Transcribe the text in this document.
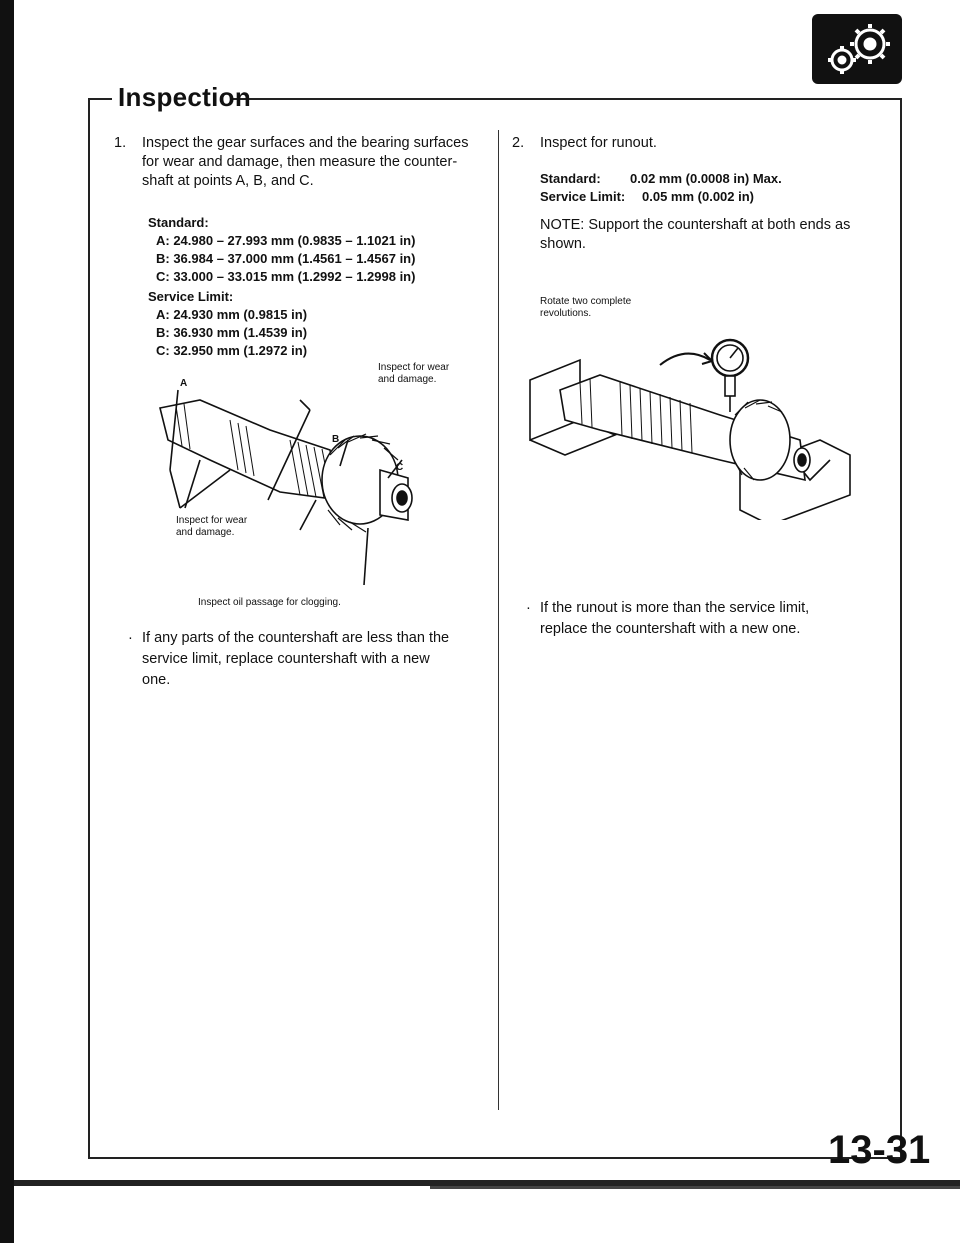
Inspection
1. Inspect the gear surfaces and the bearing surfaces
for wear and damage, then measure the counter-
shaft at points A, B, and C.
Standard:
A: 24.980 – 27.993 mm (0.9835 – 1.1021 in)
B: 36.984 – 37.000 mm (1.4561 – 1.4567 in)
C: 33.000 – 33.015 mm (1.2992 – 1.2998 in)
Service Limit:
A: 24.930 mm (0.9815 in)
B: 36.930 mm (1.4539 in)
C: 32.950 mm (1.2972 in)
Inspect for wear
and damage.
A
B
C
Inspect for wear
and damage.
Inspect oil passage for clogging.
· If any parts of the countershaft are less than the
service limit, replace countershaft with a new
one.
2. Inspect for runout.
Standard: 0.02 mm (0.0008 in) Max.
Service Limit: 0.05 mm (0.002 in)
NOTE: Support the countershaft at both ends as
shown.
Rotate two complete
revolutions.
· If the runout is more than the service limit,
replace the countershaft with a new one.
13-31
